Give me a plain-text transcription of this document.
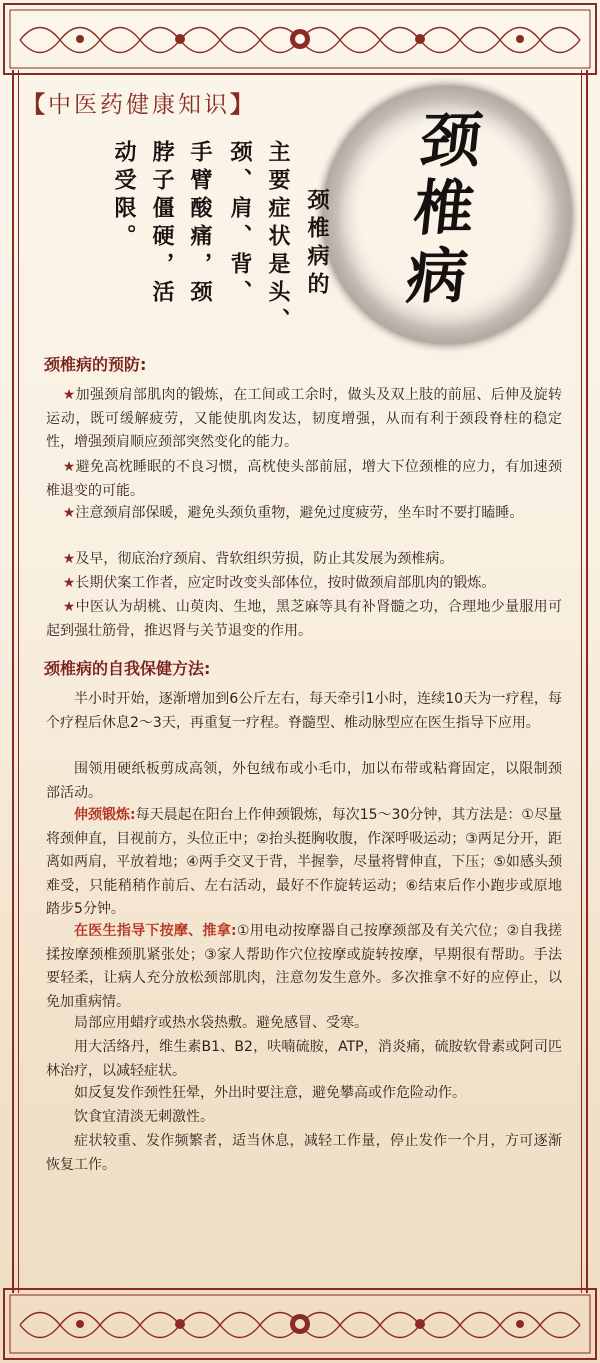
【中医药健康知识】
颈椎病的
主要症状是头、
颈、肩、背、
手臂酸痛，颈
脖子僵硬，活
动受限。	颈椎病
颈椎病的预防:

★加强颈肩部肌肉的锻炼，在工间或工余时，做头及双上肢的前屈、后伸及旋转运动，既可缓解疲劳，又能使肌肉发达，韧度增强，从而有利于颈段脊柱的稳定性，增强颈肩顺应颈部突然变化的能力。

★避免高枕睡眠的不良习惯，高枕使头部前屈，增大下位颈椎的应力，有加速颈椎退变的可能。

★注意颈肩部保暖，避免头颈负重物，避免过度疲劳，坐车时不要打瞌睡。

★及早，彻底治疗颈肩、背软组织劳损，防止其发展为颈椎病。

★长期伏案工作者，应定时改变头部体位，按时做颈肩部肌肉的锻炼。

★中医认为胡桃、山萸肉、生地，黑芝麻等具有补肾髓之功，合理地少量服用可起到强壮筋骨，推迟肾与关节退变的作用。

颈椎病的自我保健方法:

半小时开始，逐渐增加到6公斤左右，每天牵引1小时，连续10天为一疗程，每个疗程后休息2～3天，再重复一疗程。脊髓型、椎动脉型应在医生指导下应用。

围领用硬纸板剪成高领，外包绒布或小毛巾，加以布带或粘膏固定，以限制颈部活动。

伸颈锻炼:每天晨起在阳台上作伸颈锻炼，每次15～30分钟，其方法是：①尽量将颈伸直，目视前方，头位正中；②抬头挺胸收腹，作深呼吸运动；③两足分开，距离如两肩，平放着地；④两手交叉于背，半握拳，尽量将臂伸直，下压；⑤如感头颈难受，只能稍稍作前后、左右活动，最好不作旋转运动；⑥结束后作小跑步或原地踏步5分钟。

在医生指导下按摩、推拿:①用电动按摩器自己按摩颈部及有关穴位；②自我搓揉按摩颈椎颈肌紧张处；③家人帮助作穴位按摩或旋转按摩，早期很有帮助。手法要轻柔，让病人充分放松颈部肌肉，注意勿发生意外。多次推拿不好的应停止，以免加重病情。

局部应用蜡疗或热水袋热敷。避免感冒、受寒。

用大活络丹，维生素B1、B2，呋喃硫胺，ATP，消炎痛，硫胺软骨素或阿司匹林治疗，以减轻症状。

如反复发作颈性狂晕，外出时要注意，避免攀高或作危险动作。

饮食宜清淡无刺激性。

症状较重、发作频繁者，适当休息，减轻工作量，停止发作一个月，方可逐渐恢复工作。
